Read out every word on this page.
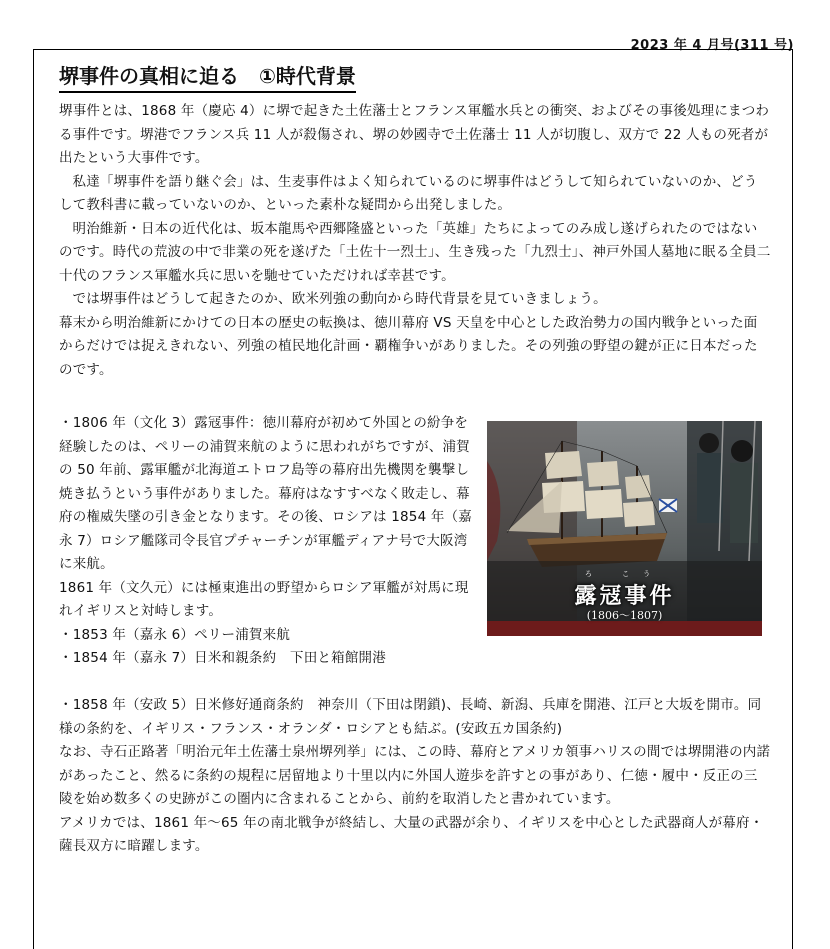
2023 年 4 月号(311 号)
堺事件の真相に迫る　①時代背景

堺事件とは、1868 年（慶応 4）に堺で起きた土佐藩士とフランス軍艦水兵との衝突、およびその事後処理にまつわる事件です。堺港でフランス兵 11 人が殺傷され、堺の妙國寺で土佐藩士 11 人が切腹し、双方で 22 人もの死者が出たという大事件です。

私達「堺事件を語り継ぐ会」は、生麦事件はよく知られているのに堺事件はどうして知られていないのか、どうして教科書に載っていないのか、といった素朴な疑問から出発しました。

明治維新・日本の近代化は、坂本龍馬や西郷隆盛といった「英雄」たちによってのみ成し遂げられたのではないのです。時代の荒波の中で非業の死を遂げた「土佐十一烈士」、生き残った「九烈士」、神戸外国人墓地に眠る全員二十代のフランス軍艦水兵に思いを馳せていただければ幸甚です。

では堺事件はどうして起きたのか、欧米列強の動向から時代背景を見ていきましょう。

幕末から明治維新にかけての日本の歴史の転換は、徳川幕府 VS 天皇を中心とした政治勢力の国内戦争といった面からだけでは捉えきれない、列強の植民地化計画・覇権争いがありました。その列強の野望の鍵が正に日本だったのです。

・1806 年（文化 3）露冦事件：徳川幕府が初めて外国との紛争を経験したのは、ペリーの浦賀来航のように思われがちですが、浦賀の 50 年前、露軍艦が北海道エトロフ島等の幕府出先機関を襲撃し焼き払うという事件がありました。幕府はなすすべなく敗走し、幕府の権威失墜の引き金となります。その後、ロシアは 1854 年（嘉永 7）ロシア艦隊司令長官プチャーチンが軍艦ディアナ号で大阪湾に来航。

1861 年（文久元）には極東進出の野望からロシア軍艦が対馬に現れイギリスと対峙します。

・1853 年（嘉永 6）ペリー浦賀来航

・1854 年（嘉永 7）日米和親条約　下田と箱館開港

・1858 年（安政 5）日米修好通商条約　神奈川（下田は閉鎖)、長崎、新潟、兵庫を開港、江戸と大坂を開市。同様の条約を、イギリス・フランス・オランダ・ロシアとも結ぶ。(安政五カ国条約)

なお、寺石正路著「明治元年土佐藩士泉州堺列挙」には、この時、幕府とアメリカ領事ハリスの間では堺開港の内諾があったこと、然るに条約の規程に居留地より十里以内に外国人遊歩を許すとの事があり、仁徳・履中・反正の三陵を始め数多くの史跡がこの圏内に含まれることから、前約を取消したと書かれています。

アメリカでは、1861 年～65 年の南北戦争が終結し、大量の武器が余り、イギリスを中心とした武器商人が幕府・薩長双方に暗躍します。

ろ こう
露冦事件
(1806～1807)
